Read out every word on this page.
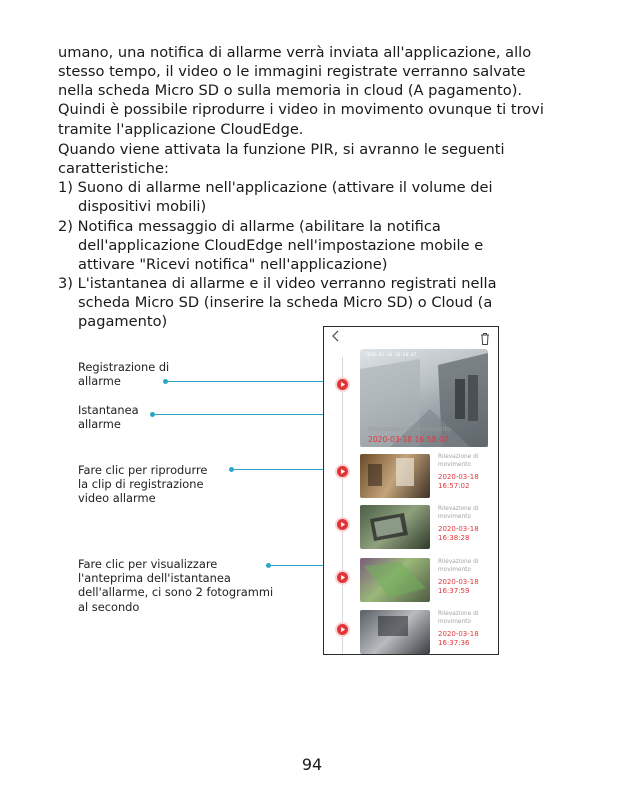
umano, una notifica di allarme verrà inviata all'applicazione, allo
stesso tempo, il video o le immagini registrate verranno salvate
nella scheda Micro SD o sulla memoria in cloud (A pagamento).
Quindi è possibile riprodurre i video in movimento ovunque ti trovi
tramite l'applicazione CloudEdge.
Quando viene attivata la funzione PIR, si avranno le seguenti
caratteristiche:
1) Suono di allarme nell'applicazione (attivare il volume dei
dispositivi mobili)
2) Notifica messaggio di allarme (abilitare la notifica
dell'applicazione CloudEdge nell'impostazione mobile e
attivare "Ricevi notifica" nell'applicazione)
3) L'istantanea di allarme e il video verranno registrati nella
scheda Micro SD (inserire la scheda Micro SD) o Cloud (a
pagamento)
Registrazione di
allarme
Istantanea
allarme
Fare clic per riprodurre
la clip di registrazione
video allarme
Fare clic per visualizzare
l'anteprima dell'istantanea
dell'allarme, ci sono 2 fotogrammi
al secondo
2020-03-18 16:58:07
Rilevazione di movimento
2020-03-18 16:58:07
Rilevazione di movimento
2020-03-18
16:57:02
Rilevazione di movimento
2020-03-18
16:38:28
Rilevazione di movimento
2020-03-18
16:37:59
Rilevazione di movimento
2020-03-18
16:37:36
94
